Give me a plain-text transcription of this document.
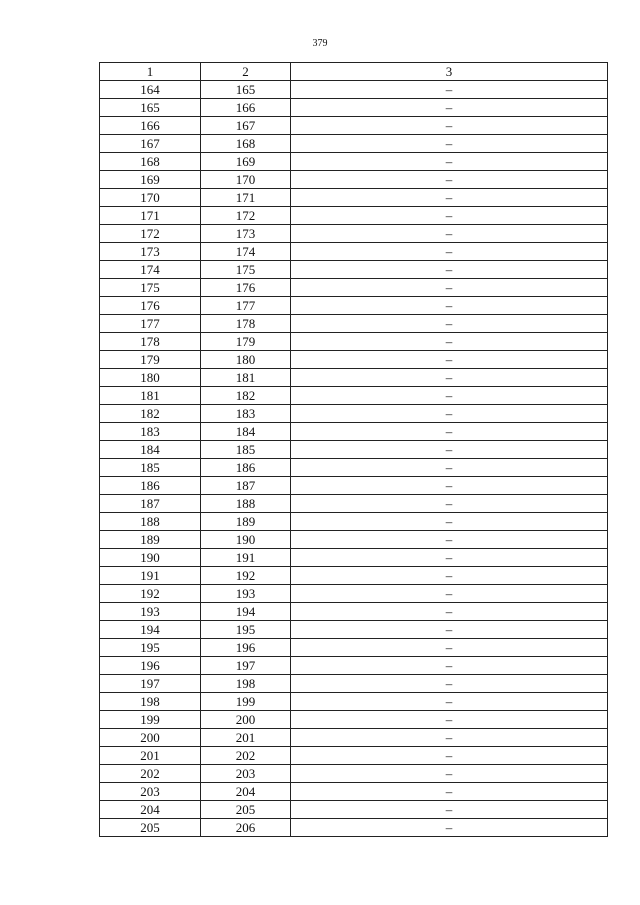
379
1	2	3
164	165	–
165	166	–
166	167	–
167	168	–
168	169	–
169	170	–
170	171	–
171	172	–
172	173	–
173	174	–
174	175	–
175	176	–
176	177	–
177	178	–
178	179	–
179	180	–
180	181	–
181	182	–
182	183	–
183	184	–
184	185	–
185	186	–
186	187	–
187	188	–
188	189	–
189	190	–
190	191	–
191	192	–
192	193	–
193	194	–
194	195	–
195	196	–
196	197	–
197	198	–
198	199	–
199	200	–
200	201	–
201	202	–
202	203	–
203	204	–
204	205	–
205	206	–
